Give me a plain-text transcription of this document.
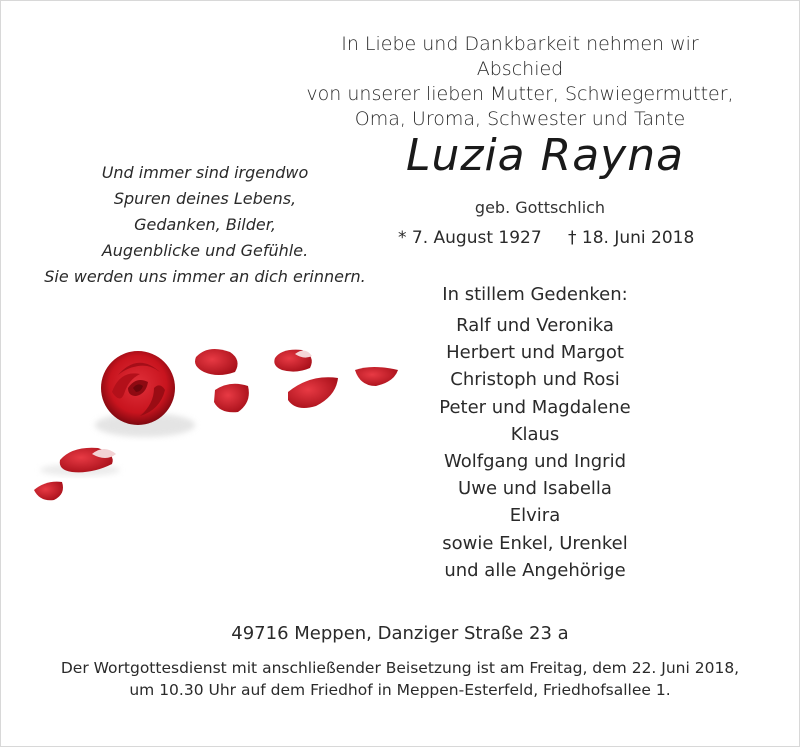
In Liebe und Dankbarkeit nehmen wir Abschied
von unserer lieben Mutter, Schwiegermutter,
Oma, Uroma, Schwester und Tante
Luzia Rayna
geb. Gottschlich
* 7. August 1927 † 18. Juni 2018
Und immer sind irgendwo
Spuren deines Lebens,
Gedanken, Bilder,
Augenblicke und Gefühle.
Sie werden uns immer an dich erinnern.
In stillem Gedenken:
Ralf und Veronika
Herbert und Margot
Christoph und Rosi
Peter und Magdalene
Klaus
Wolfgang und Ingrid
Uwe und Isabella
Elvira
sowie Enkel, Urenkel
und alle Angehörige
49716 Meppen, Danziger Straße 23 a
Der Wortgottesdienst mit anschließender Beisetzung ist am Freitag, dem 22. Juni 2018,
um 10.30 Uhr auf dem Friedhof in Meppen-Esterfeld, Friedhofsallee 1.
